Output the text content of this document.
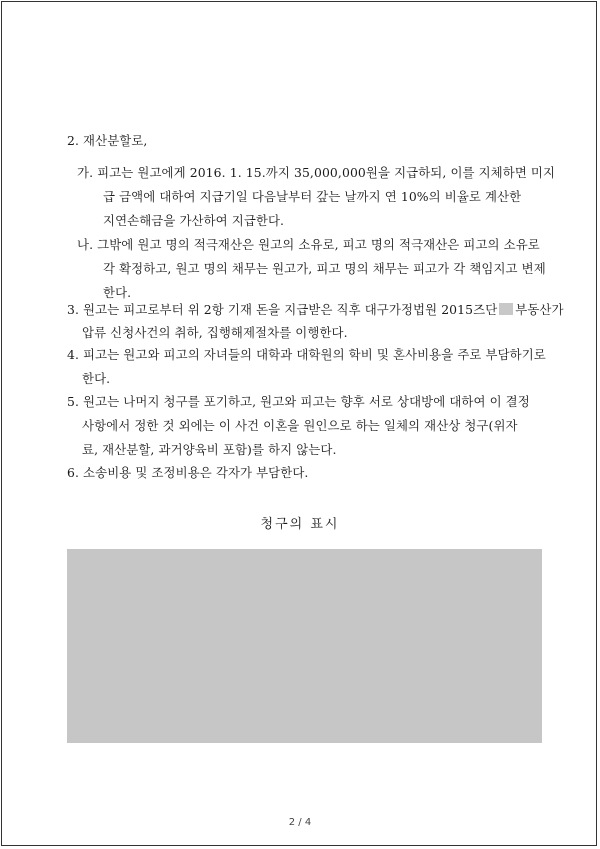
2. 재산분할로,
가. 피고는 원고에게 2016. 1. 15.까지 35,000,000원을 지급하되, 이를 지체하면 미지
급 금액에 대하여 지급기일 다음날부터 갚는 날까지 연 10%의 비율로 계산한
지연손해금을 가산하여 지급한다.
나. 그밖에 원고 명의 적극재산은 원고의 소유로, 피고 명의 적극재산은 피고의 소유로
각 확정하고, 원고 명의 채무는 원고가, 피고 명의 채무는 피고가 각 책임지고 변제
한다.
3. 원고는 피고로부터 위 2항 기재 돈을 지급받은 직후 대구가정법원 2015즈단 부동산가
압류 신청사건의 취하, 집행해제절차를 이행한다.
4. 피고는 원고와 피고의 자녀들의 대학과 대학원의 학비 및 혼사비용을 주로 부담하기로
한다.
5. 원고는 나머지 청구를 포기하고, 원고와 피고는 향후 서로 상대방에 대하여 이 결정
사항에서 정한 것 외에는 이 사건 이혼을 원인으로 하는 일체의 재산상 청구(위자
료, 재산분할, 과거양육비 포함)를 하지 않는다.
6. 소송비용 및 조정비용은 각자가 부담한다.
청구의 표시
2 / 4
